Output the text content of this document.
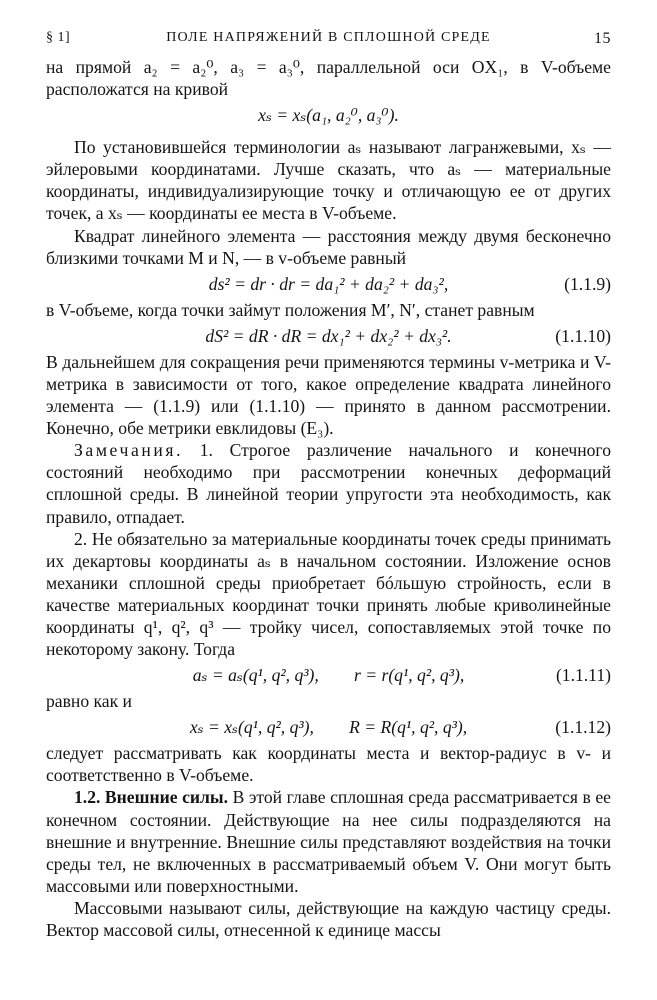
§ 1]	ПОЛЕ НАПРЯЖЕНИЙ В СПЛОШНОЙ СРЕДЕ	15

на прямой a₂ = a₂⁰, a₃ = a₃⁰, параллельной оси OX₁, в V-объеме расположатся на кривой

xₛ = xₛ(a₁, a₂⁰, a₃⁰).

По установившейся терминологии aₛ называют лагранжевыми, xₛ — эйлеровыми координатами. Лучше сказать, что aₛ — материальные координаты, индивидуализирующие точку и отличающую ее от других точек, а xₛ — координаты ее места в V-объеме.

Квадрат линейного элемента — расстояния между двумя бесконечно близкими точками M и N, — в v-объеме равный

ds² = dr · dr = da₁² + da₂² + da₃²,	(1.1.9)

в V-объеме, когда точки займут положения M′, N′, станет равным

dS² = dR · dR = dx₁² + dx₂² + dx₃².	(1.1.10)

В дальнейшем для сокращения речи применяются термины v-метрика и V-метрика в зависимости от того, какое определение квадрата линейного элемента — (1.1.9) или (1.1.10) — принято в данном рассмотрении. Конечно, обе метрики евклидовы (E₃).

Замечания. 1. Строгое различение начального и конечного состояний необходимо при рассмотрении конечных деформаций сплошной среды. В линейной теории упругости эта необходимость, как правило, отпадает.

2. Не обязательно за материальные координаты точек среды принимать их декартовы координаты aₛ в начальном состоянии. Изложение основ механики сплошной среды приобретает бóльшую стройность, если в качестве материальных координат точки принять любые криволинейные координаты q¹, q², q³ — тройку чисел, сопоставляемых этой точке по некоторому закону. Тогда

aₛ = aₛ(q¹, q², q³),        r = r(q¹, q², q³),	(1.1.11)

равно как и

xₛ = xₛ(q¹, q², q³),        R = R(q¹, q², q³),	(1.1.12)

следует рассматривать как координаты места и вектор-радиус в v- и соответственно в V-объеме.

1.2. Внешние силы. В этой главе сплошная среда рассматривается в ее конечном состоянии. Действующие на нее силы подразделяются на внешние и внутренние. Внешние силы представляют воздействия на точки среды тел, не включенных в рассматриваемый объем V. Они могут быть массовыми или поверхностными.

Массовыми называют силы, действующие на каждую частицу среды. Вектор массовой силы, отнесенной к единице массы
